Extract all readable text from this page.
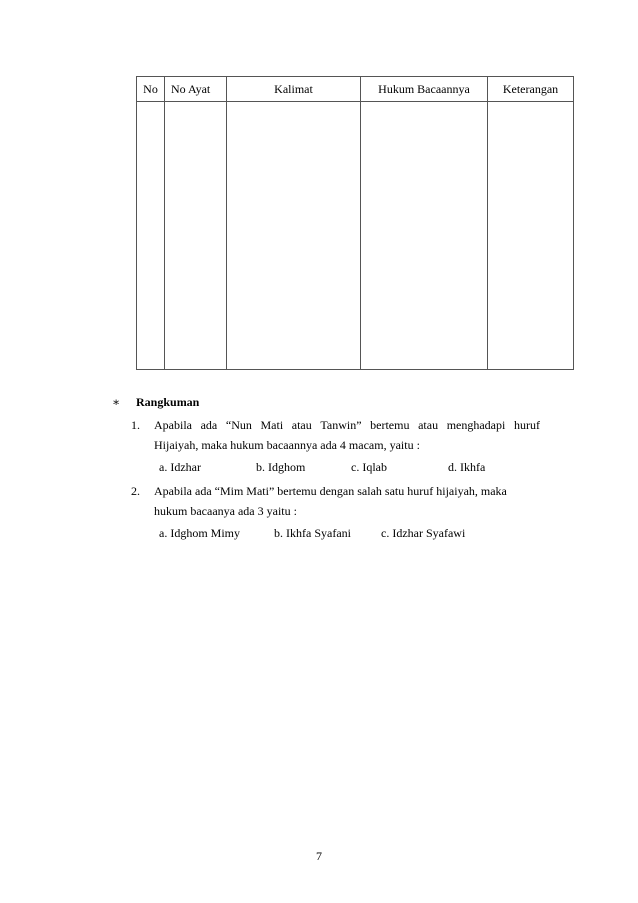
No	No Ayat	Kalimat	Hukum Bacaannya	Keterangan

∗ Rangkuman
1. Apabila ada “Nun Mati atau Tanwin” bertemu atau menghadapi huruf
Hijaiyah, maka hukum bacaannya ada 4 macam, yaitu :
a. Idzhar	b. Idghom	c. Iqlab	d. Ikhfa
2. Apabila ada “Mim Mati” bertemu dengan salah satu huruf hijaiyah, maka
hukum bacaanya ada 3 yaitu :
a. Idghom Mimy	b. Ikhfa Syafani	c. Idzhar Syafawi
7
